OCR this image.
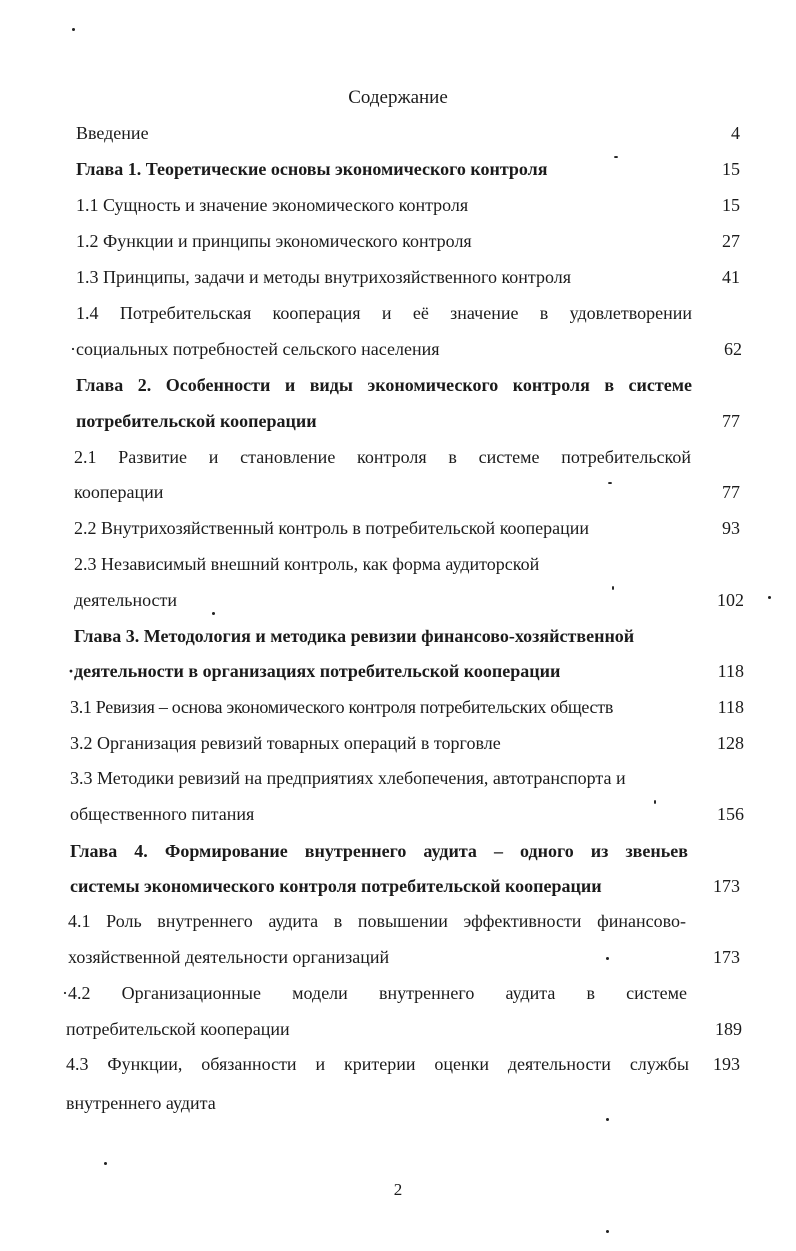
Содержание
Введение	4
Глава 1. Теоретические основы экономического контроля	15
1.1 Сущность и значение экономического контроля	15
1.2 Функции и принципы экономического контроля	27
1.3 Принципы, задачи и методы внутрихозяйственного контроля	41
1.4 Потребительская кооперация и её значение в удовлетворении
·социальных потребностей сельского населения	62
Глава 2. Особенности и виды экономического контроля в системе
потребительской кооперации	77
2.1 Развитие и становление контроля в системе потребительской
кооперации	77
2.2 Внутрихозяйственный контроль в потребительской кооперации	93
2.3 Независимый внешний контроль, как форма аудиторской
деятельности	102
Глава 3. Методология и методика ревизии финансово-хозяйственной
·деятельности в организациях потребительской кооперации	118
3.1 Ревизия – основа экономического контроля потребительских обществ	118
3.2 Организация ревизий товарных операций в торговле	128
3.3 Методики ревизий на предприятиях хлебопечения, автотранспорта и
общественного питания	156
Глава 4. Формирование внутреннего аудита – одного из звеньев
системы экономического контроля потребительской кооперации	173
4.1 Роль внутреннего аудита в повышении эффективности финансово-
хозяйственной деятельности организаций	173
·4.2 Организационные модели внутреннего аудита в системе
потребительской кооперации	189
4.3 Функции, обязанности и критерии оценки деятельности службы	193
внутреннего аудита
2
